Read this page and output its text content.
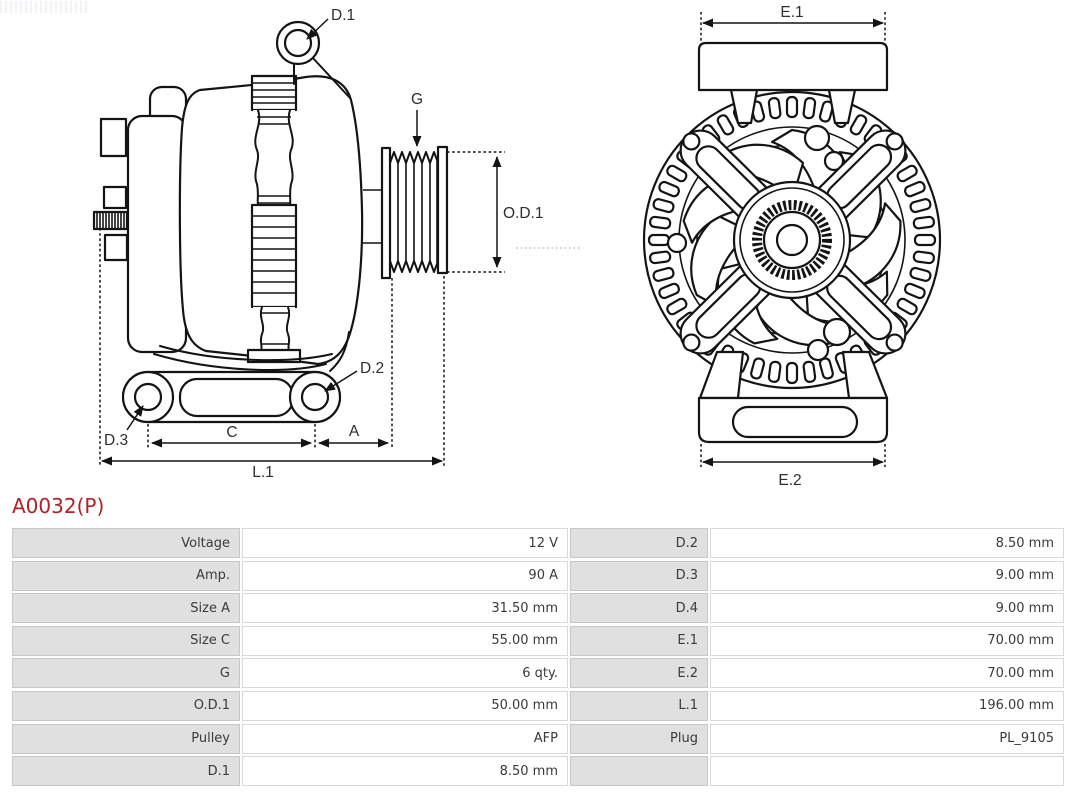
D.1
G
O.D.1
D.2
D.3	C	A
L.1
E.1
E.2
A0032(P)
Voltage	12 V	D.2	8.50 mm
Amp.	90 A	D.3	9.00 mm
Size A	31.50 mm	D.4	9.00 mm
Size C	55.00 mm	E.1	70.00 mm
G	6 qty.	E.2	70.00 mm
O.D.1	50.00 mm	L.1	196.00 mm
Pulley	AFP	Plug	PL_9105
D.1	8.50 mm
